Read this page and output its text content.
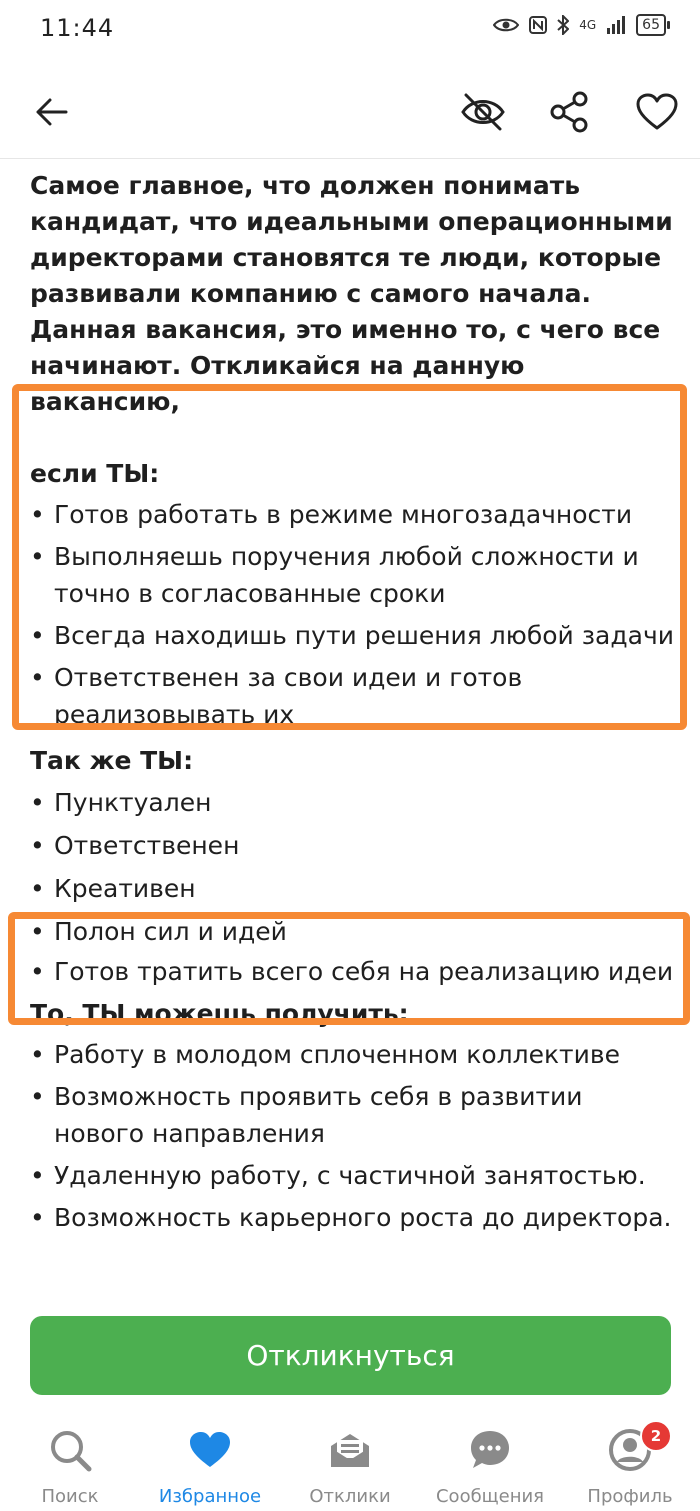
11:44	4G	65

Самое главное, что должен понимать кандидат, что идеальными операционными директорами становятся те люди, которые развивали компанию с самого начала. Данная вакансия, это именно то, с чего все начинают. Откликайся на данную вакансию,

если ТЫ:

• Готов работать в режиме многозадачности
• Выполняешь поручения любой сложности и точно в согласованные сроки
• Всегда находишь пути решения любой задачи
• Ответственен за свои идеи и готов реализовывать их

Так же ТЫ:

• Пунктуален
• Ответственен
• Креативен
• Полон сил и идей
• Готов тратить всего себя на реализацию идеи

То, ТЫ можешь получить:

• Работу в молодом сплоченном коллективе
• Возможность проявить себя в развитии нового направления
• Удаленную работу, с частичной занятостью.
• Возможность карьерного роста до директора.
Откликнуться
Поиск	Избранное	Отклики	Сообщения
2
Профиль
